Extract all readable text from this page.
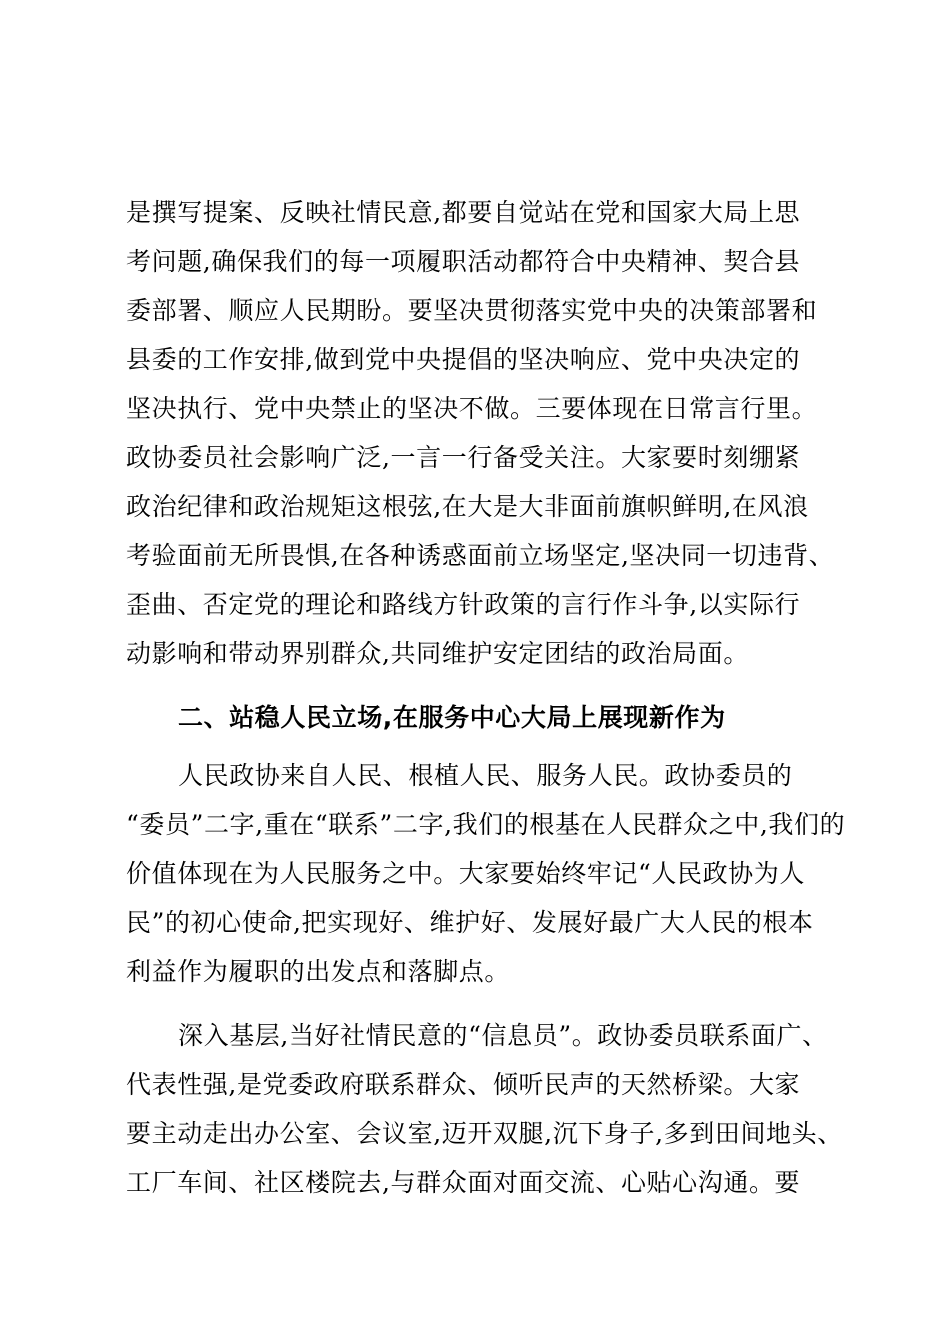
是撰写提案、反映社情民意,都要自觉站在党和国家大局上思
考问题,确保我们的每一项履职活动都符合中央精神、契合县
委部署、顺应人民期盼。要坚决贯彻落实党中央的决策部署和
县委的工作安排,做到党中央提倡的坚决响应、党中央决定的
坚决执行、党中央禁止的坚决不做。三要体现在日常言行里。
政协委员社会影响广泛,一言一行备受关注。大家要时刻绷紧
政治纪律和政治规矩这根弦,在大是大非面前旗帜鲜明,在风浪
考验面前无所畏惧,在各种诱惑面前立场坚定,坚决同一切违背、
歪曲、否定党的理论和路线方针政策的言行作斗争,以实际行
动影响和带动界别群众,共同维护安定团结的政治局面。
二、站稳人民立场,在服务中心大局上展现新作为
人民政协来自人民、根植人民、服务人民。政协委员的
“委员”二字,重在“联系”二字,我们的根基在人民群众之中,我们的
价值体现在为人民服务之中。大家要始终牢记“人民政协为人
民”的初心使命,把实现好、维护好、发展好最广大人民的根本
利益作为履职的出发点和落脚点。
深入基层,当好社情民意的“信息员”。政协委员联系面广、
代表性强,是党委政府联系群众、倾听民声的天然桥梁。大家
要主动走出办公室、会议室,迈开双腿,沉下身子,多到田间地头、
工厂车间、社区楼院去,与群众面对面交流、心贴心沟通。要
